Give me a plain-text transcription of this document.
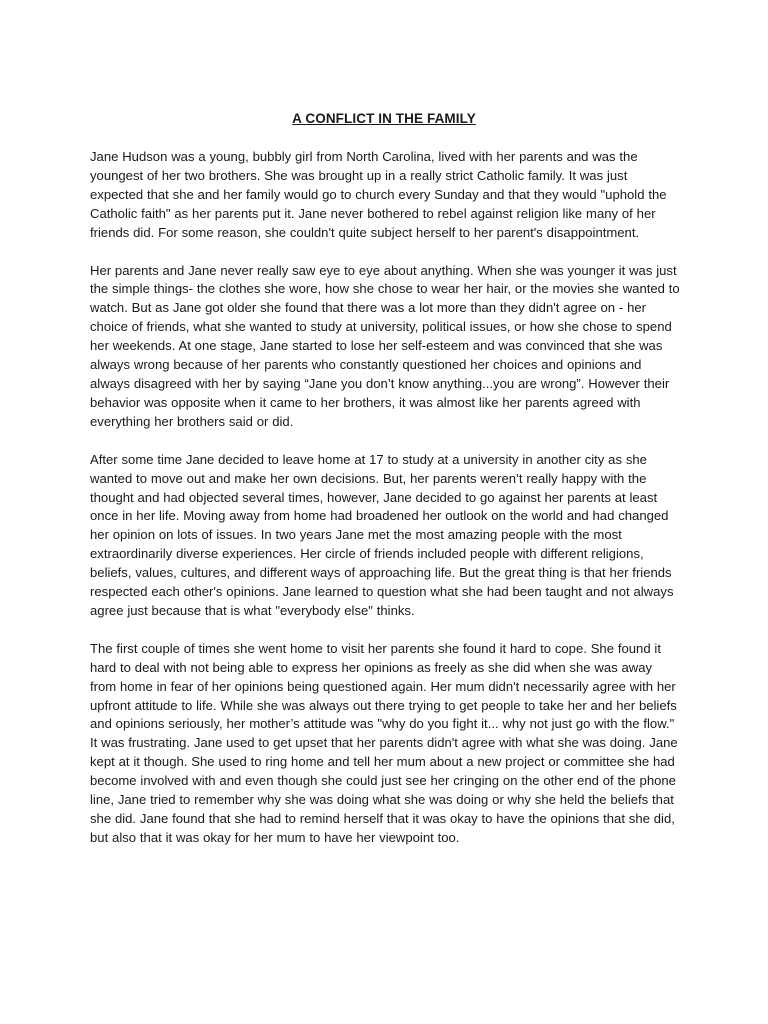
A CONFLICT IN THE FAMILY

Jane Hudson was a young, bubbly girl from North Carolina, lived with her parents and was the youngest of her two brothers. She was brought up in a really strict Catholic family. It was just expected that she and her family would go to church every Sunday and that they would "uphold the Catholic faith" as her parents put it. Jane never bothered to rebel against religion like many of her friends did. For some reason, she couldn't quite subject herself to her parent's disappointment.

Her parents and Jane never really saw eye to eye about anything. When she was younger it was just the simple things- the clothes she wore, how she chose to wear her hair, or the movies she wanted to watch. But as Jane got older she found that there was a lot more than they didn't agree on - her choice of friends, what she wanted to study at university, political issues, or how she chose to spend her weekends. At one stage, Jane started to lose her self-esteem and was convinced that she was always wrong because of her parents who constantly questioned her choices and opinions and always disagreed with her by saying “Jane you don’t know anything...you are wrong”. However their behavior was opposite when it came to her brothers, it was almost like her parents agreed with everything her brothers said or did.

After some time Jane decided to leave home at 17 to study at a university in another city as she wanted to move out and make her own decisions. But, her parents weren’t really happy with the thought and had objected several times, however, Jane decided to go against her parents at least once in her life. Moving away from home had broadened her outlook on the world and had changed her opinion on lots of issues. In two years Jane met the most amazing people with the most extraordinarily diverse experiences. Her circle of friends included people with different religions, beliefs, values, cultures, and different ways of approaching life. But the great thing is that her friends respected each other's opinions. Jane learned to question what she had been taught and not always agree just because that is what "everybody else" thinks.

The first couple of times she went home to visit her parents she found it hard to cope. She found it hard to deal with not being able to express her opinions as freely as she did when she was away from home in fear of her opinions being questioned again. Her mum didn't necessarily agree with her upfront attitude to life. While she was always out there trying to get people to take her and her beliefs and opinions seriously, her mother’s attitude was "why do you fight it... why not just go with the flow." It was frustrating. Jane used to get upset that her parents didn't agree with what she was doing. Jane kept at it though. She used to ring home and tell her mum about a new project or committee she had become involved with and even though she could just see her cringing on the other end of the phone line, Jane tried to remember why she was doing what she was doing or why she held the beliefs that she did. Jane found that she had to remind herself that it was okay to have the opinions that she did, but also that it was okay for her mum to have her viewpoint too.
